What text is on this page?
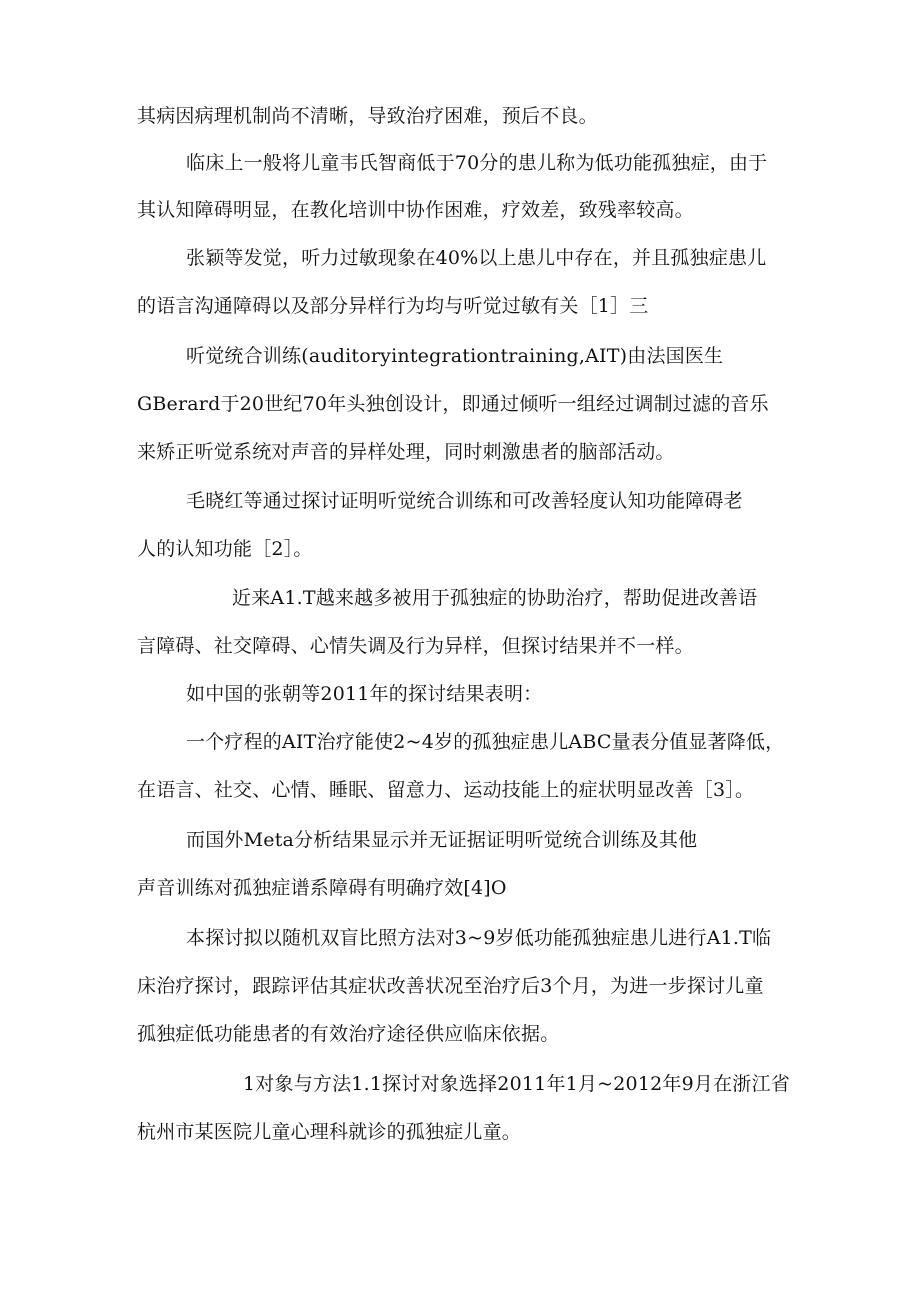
其病因病理机制尚不清晰，导致治疗困难，预后不良。
临床上一般将儿童韦氏智商低于70分的患儿称为低功能孤独症，由于
其认知障碍明显，在教化培训中协作困难，疗效差，致残率较高。
张颖等发觉，听力过敏现象在40%以上患儿中存在，并且孤独症患儿
的语言沟通障碍以及部分异样行为均与听觉过敏有关［1］三
听觉统合训练(auditoryintegrationtraining,AIT)由法国医生
GBerard于20世纪70年头独创设计，即通过倾听一组经过调制过滤的音乐
来矫正听觉系统对声音的异样处理，同时刺激患者的脑部活动。
毛晓红等通过探讨证明听觉统合训练和可改善轻度认知功能障碍老
人的认知功能［2］。
近来A1.T越来越多被用于孤独症的协助治疗，帮助促进改善语
言障碍、社交障碍、心情失调及行为异样，但探讨结果并不一样。
如中国的张朝等2011年的探讨结果表明：
一个疗程的AIT治疗能使2~4岁的孤独症患儿ABC量表分值显著降低，
在语言、社交、心情、睡眠、留意力、运动技能上的症状明显改善［3］。
而国外Meta分析结果显示并无证据证明听觉统合训练及其他
声音训练对孤独症谱系障碍有明确疗效[4]O
本探讨拟以随机双盲比照方法对3~9岁低功能孤独症患儿进行A1.T临
床治疗探讨，跟踪评估其症状改善状况至治疗后3个月，为进一步探讨儿童
孤独症低功能患者的有效治疗途径供应临床依据。
1对象与方法1.1探讨对象选择2011年1月~2012年9月在浙江省
杭州市某医院儿童心理科就诊的孤独症儿童。
